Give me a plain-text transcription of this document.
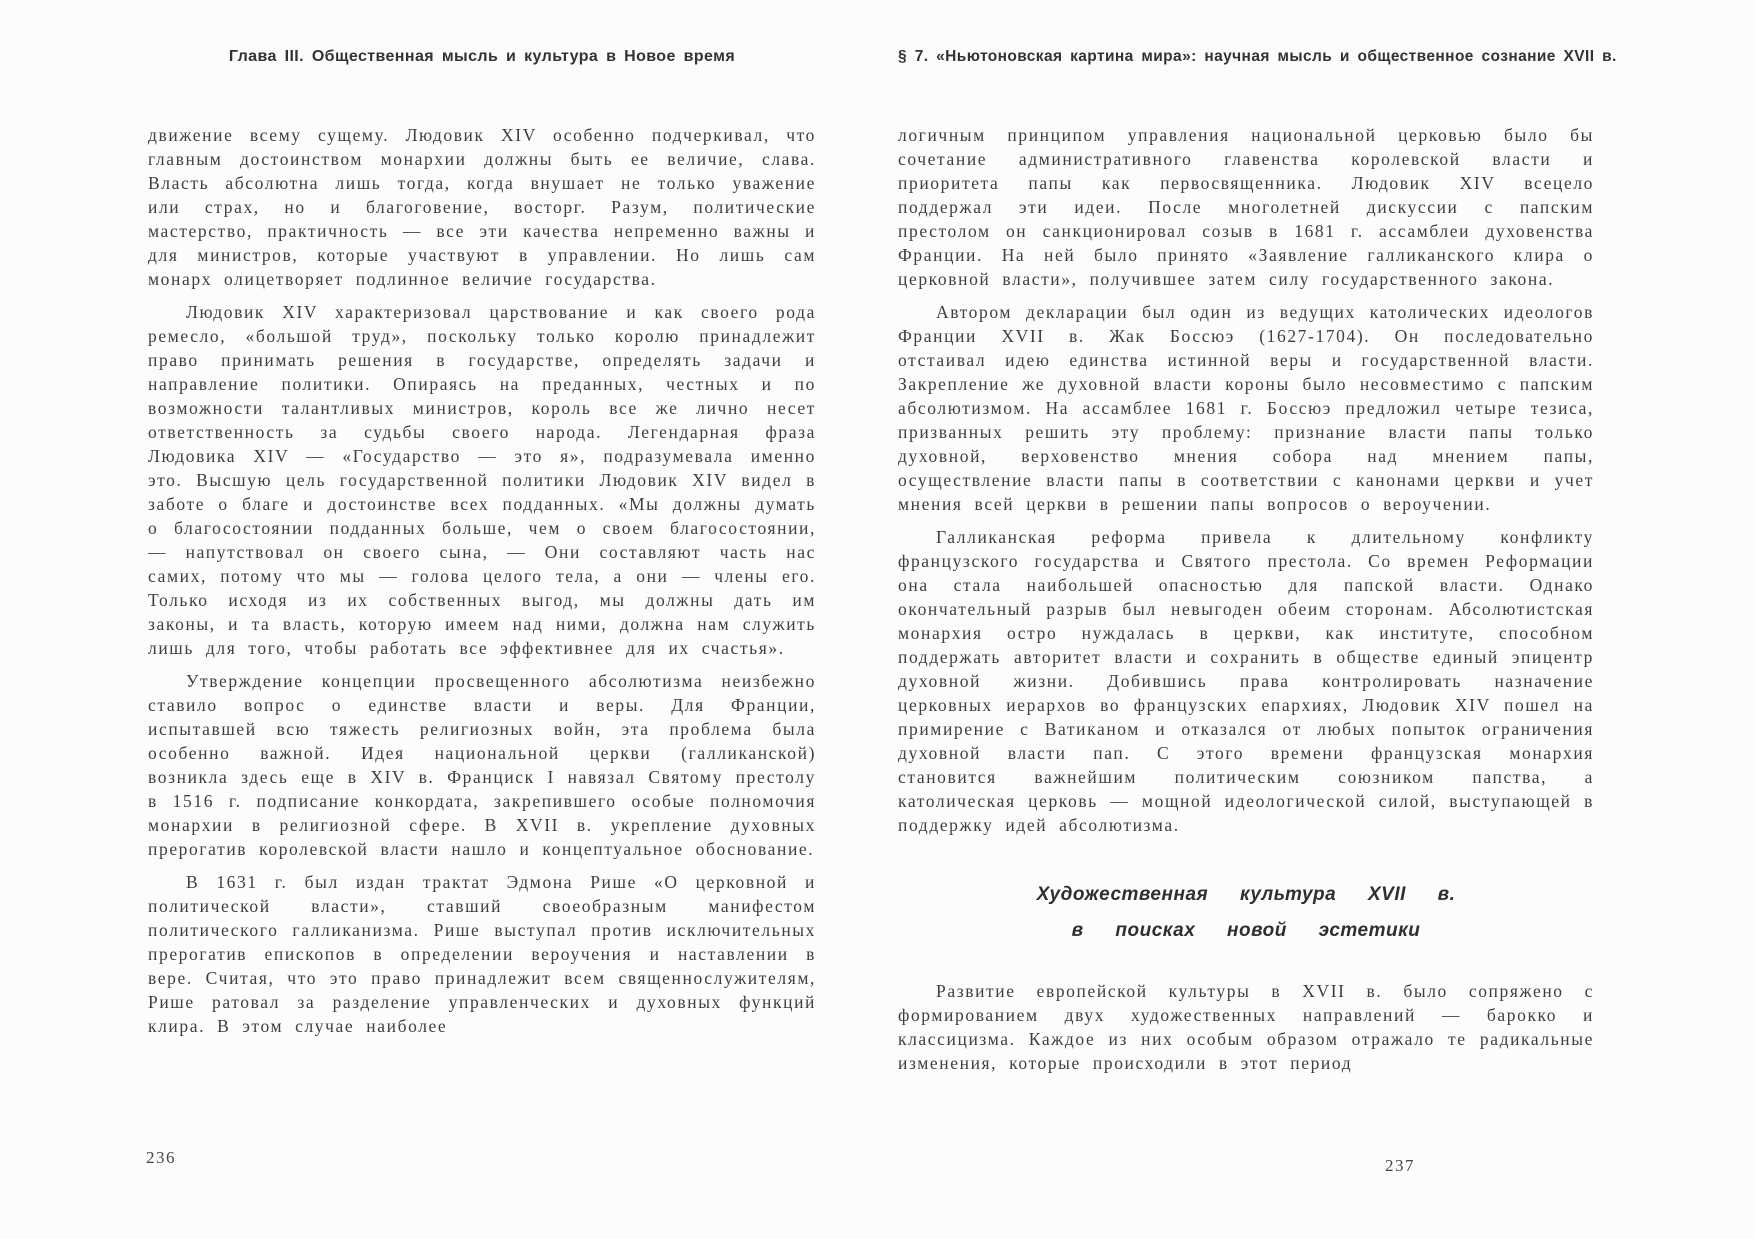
Глава III. Общественная мысль и культура в Новое время

движение всему сущему. Людовик XIV особенно подчеркивал, что главным достоинством монархии должны быть ее величие, слава. Власть абсолютна лишь тогда, когда внушает не только уважение или страх, но и благоговение, восторг. Разум, политические мастерство, практичность — все эти качества непременно важны и для министров, которые участвуют в управлении. Но лишь сам монарх олицетворяет подлинное величие государства.

Людовик XIV характеризовал царствование и как своего рода ремесло, «большой труд», поскольку только королю принадлежит право принимать решения в государстве, определять задачи и направление политики. Опираясь на преданных, честных и по возможности талантливых министров, король все же лично несет ответственность за судьбы своего народа. Легендарная фраза Людовика XIV — «Государство — это я», подразумевала именно это. Высшую цель государственной политики Людовик XIV видел в заботе о благе и достоинстве всех подданных. «Мы должны думать о благосостоянии подданных больше, чем о своем благосостоянии, — напутствовал он своего сына, — Они составляют часть нас самих, потому что мы — голова целого тела, а они — члены его. Только исходя из их собственных выгод, мы должны дать им законы, и та власть, которую имеем над ними, должна нам служить лишь для того, чтобы работать все эффективнее для их счастья».

Утверждение концепции просвещенного абсолютизма неизбежно ставило вопрос о единстве власти и веры. Для Франции, испытавшей всю тяжесть религиозных войн, эта проблема была особенно важной. Идея национальной церкви (галликанской) возникла здесь еще в XIV в. Франциск I навязал Святому престолу в 1516 г. подписание конкордата, закрепившего особые полномочия монархии в религиозной сфере. В XVII в. укрепление духовных прерогатив королевской власти нашло и концептуальное обоснование.

В 1631 г. был издан трактат Эдмона Рише «О церковной и политической власти», ставший своеобразным манифестом политического галликанизма. Рише выступал против исключительных прерогатив епископов в определении вероучения и наставлении в вере. Считая, что это право принадлежит всем священнослужителям, Рише ратовал за разделение управленческих и духовных функций клира. В этом случае наиболее

236
§ 7. «Ньютоновская картина мира»: научная мысль и общественное сознание XVII в.

логичным принципом управления национальной церковью было бы сочетание административного главенства королевской власти и приоритета папы как первосвященника. Людовик XIV всецело поддержал эти идеи. После многолетней дискуссии с папским престолом он санкционировал созыв в 1681 г. ассамблеи духовенства Франции. На ней было принято «Заявление галликанского клира о церковной власти», получившее затем силу государственного закона.

Автором декларации был один из ведущих католических идеологов Франции XVII в. Жак Боссюэ (1627-1704). Он последовательно отстаивал идею единства истинной веры и государственной власти. Закрепление же духовной власти короны было несовместимо с папским абсолютизмом. На ассамблее 1681 г. Боссюэ предложил четыре тезиса, призванных решить эту проблему: признание власти папы только духовной, верховенство мнения собора над мнением папы, осуществление власти папы в соответствии с канонами церкви и учет мнения всей церкви в решении папы вопросов о вероучении.

Галликанская реформа привела к длительному конфликту французского государства и Святого престола. Со времен Реформации она стала наибольшей опасностью для папской власти. Однако окончательный разрыв был невыгоден обеим сторонам. Абсолютистская монархия остро нуждалась в церкви, как институте, способном поддержать авторитет власти и сохранить в обществе единый эпицентр духовной жизни. Добившись права контролировать назначение церковных иерархов во французских епархиях, Людовик XIV пошел на примирение с Ватиканом и отказался от любых попыток ограничения духовной власти пап. С этого времени французская монархия становится важнейшим политическим союзником папства, а католическая церковь — мощной идеологической силой, выступающей в поддержку идей абсолютизма.

Художественная культура XVII в.
в поисках новой эстетики

Развитие европейской культуры в XVII в. было сопряжено с формированием двух художественных направлений — барокко и классицизма. Каждое из них особым образом отражало те радикальные изменения, которые происходили в этот период

237
